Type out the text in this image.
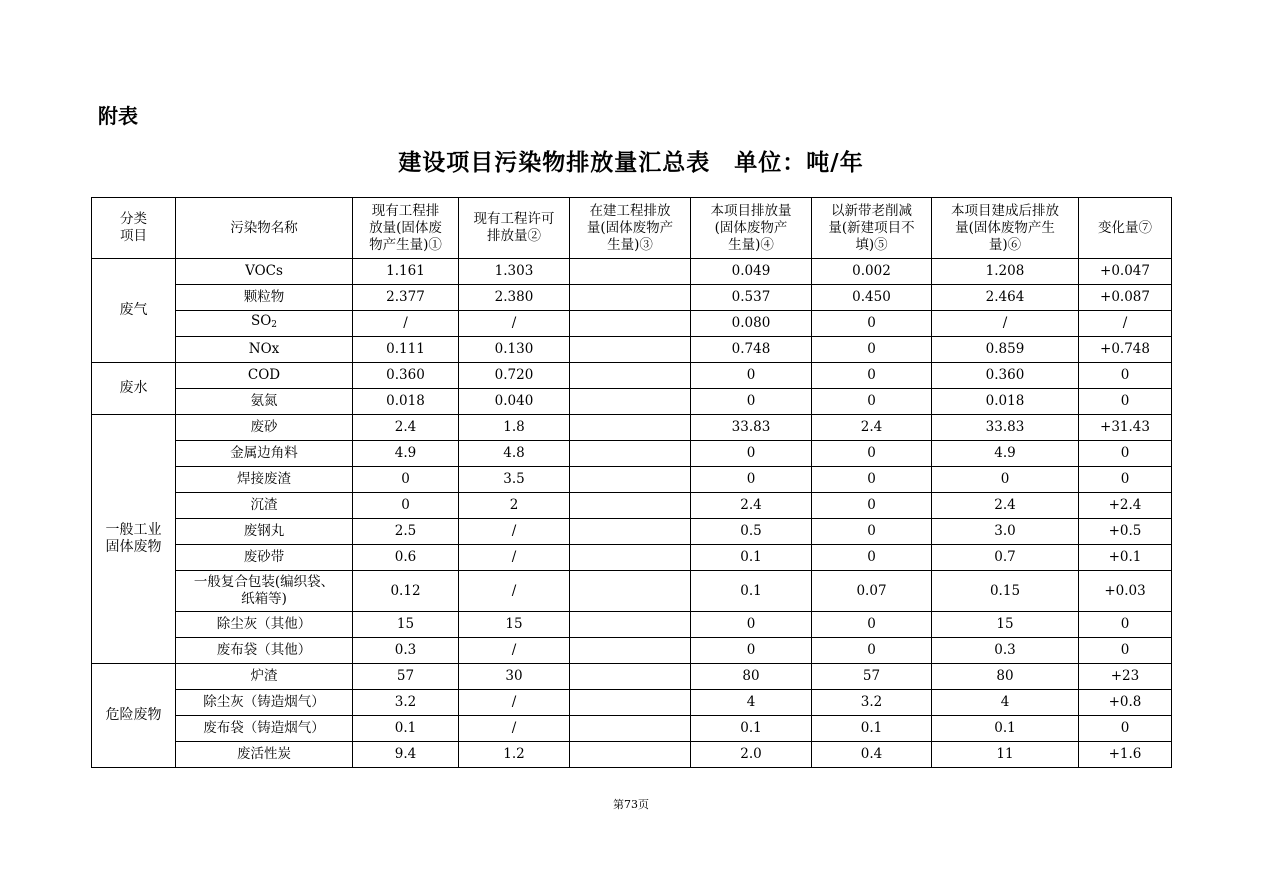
附表
建设项目污染物排放量汇总表 单位：吨/年
分类
项目	污染物名称	现有工程排
放量(固体废
物产生量)①	现有工程许可
排放量②	在建工程排放
量(固体废物产
生量)③	本项目排放量
(固体废物产
生量)④	以新带老削减
量(新建项目不
填)⑤	本项目建成后排放
量(固体废物产生
量)⑥	变化量⑦
废气	VOCs	1.161	1.303		0.049	0.002	1.208	+0.047
	颗粒物	2.377	2.380		0.537	0.450	2.464	+0.087
	$SO_2$	/	/		0.080	0	/	/
	NOx	0.111	0.130		0.748	0	0.859	+0.748
废水	COD	0.360	0.720		0	0	0.360	0
	氨氮	0.018	0.040		0	0	0.018	0
一般工业
固体废物	废砂	2.4	1.8		33.83	2.4	33.83	+31.43
	金属边角料	4.9	4.8		0	0	4.9	0
	焊接废渣	0	3.5		0	0	0	0
	沉渣	0	2		2.4	0	2.4	+2.4
	废钢丸	2.5	/		0.5	0	3.0	+0.5
	废砂带	0.6	/		0.1	0	0.7	+0.1
	一般复合包装(编织袋、
纸箱等)	0.12	/		0.1	0.07	0.15	+0.03
	除尘灰（其他）	15	15		0	0	15	0
	废布袋（其他）	0.3	/		0	0	0.3	0
危险废物	炉渣	57	30		80	57	80	+23
	除尘灰（铸造烟气）	3.2	/		4	3.2	4	+0.8
	废布袋（铸造烟气）	0.1	/		0.1	0.1	0.1	0
	废活性炭	9.4	1.2		2.0	0.4	11	+1.6
第73页
